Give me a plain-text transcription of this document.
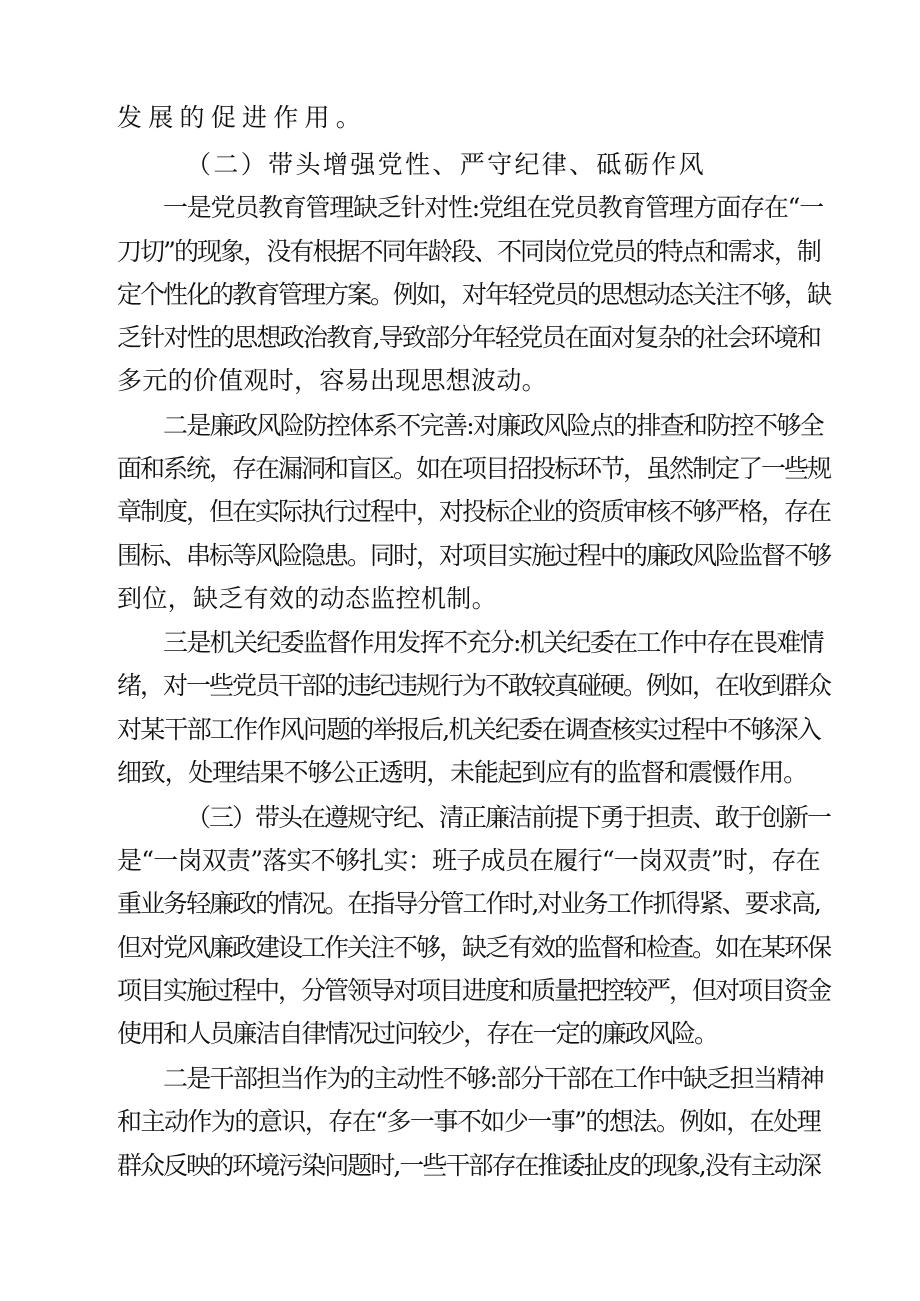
发展的促进作用。
（二）带头增强党性、严守纪律、砥砺作风
一是党员教育管理缺乏针对性:党组在党员教育管理方面存在“一
刀切”的现象，没有根据不同年龄段、不同岗位党员的特点和需求，制
定个性化的教育管理方案。例如，对年轻党员的思想动态关注不够，缺
乏针对性的思想政治教育,导致部分年轻党员在面对复杂的社会环境和
多元的价值观时，容易出现思想波动。
二是廉政风险防控体系不完善:对廉政风险点的排查和防控不够全
面和系统，存在漏洞和盲区。如在项目招投标环节，虽然制定了一些规
章制度，但在实际执行过程中，对投标企业的资质审核不够严格，存在
围标、串标等风险隐患。同时，对项目实施过程中的廉政风险监督不够
到位，缺乏有效的动态监控机制。
三是机关纪委监督作用发挥不充分:机关纪委在工作中存在畏难情
绪，对一些党员干部的违纪违规行为不敢较真碰硬。例如，在收到群众
对某干部工作作风问题的举报后,机关纪委在调查核实过程中不够深入
细致，处理结果不够公正透明，未能起到应有的监督和震慑作用。
（三）带头在遵规守纪、清正廉洁前提下勇于担责、敢于创新一
是“一岗双责”落实不够扎实：班子成员在履行“一岗双责”时，存在
重业务轻廉政的情况。在指导分管工作时,对业务工作抓得紧、要求高,
但对党风廉政建设工作关注不够，缺乏有效的监督和检查。如在某环保
项目实施过程中，分管领导对项目进度和质量把控较严，但对项目资金
使用和人员廉洁自律情况过问较少，存在一定的廉政风险。
二是干部担当作为的主动性不够:部分干部在工作中缺乏担当精神
和主动作为的意识，存在“多一事不如少一事”的想法。例如，在处理
群众反映的环境污染问题时,一些干部存在推诿扯皮的现象,没有主动深
